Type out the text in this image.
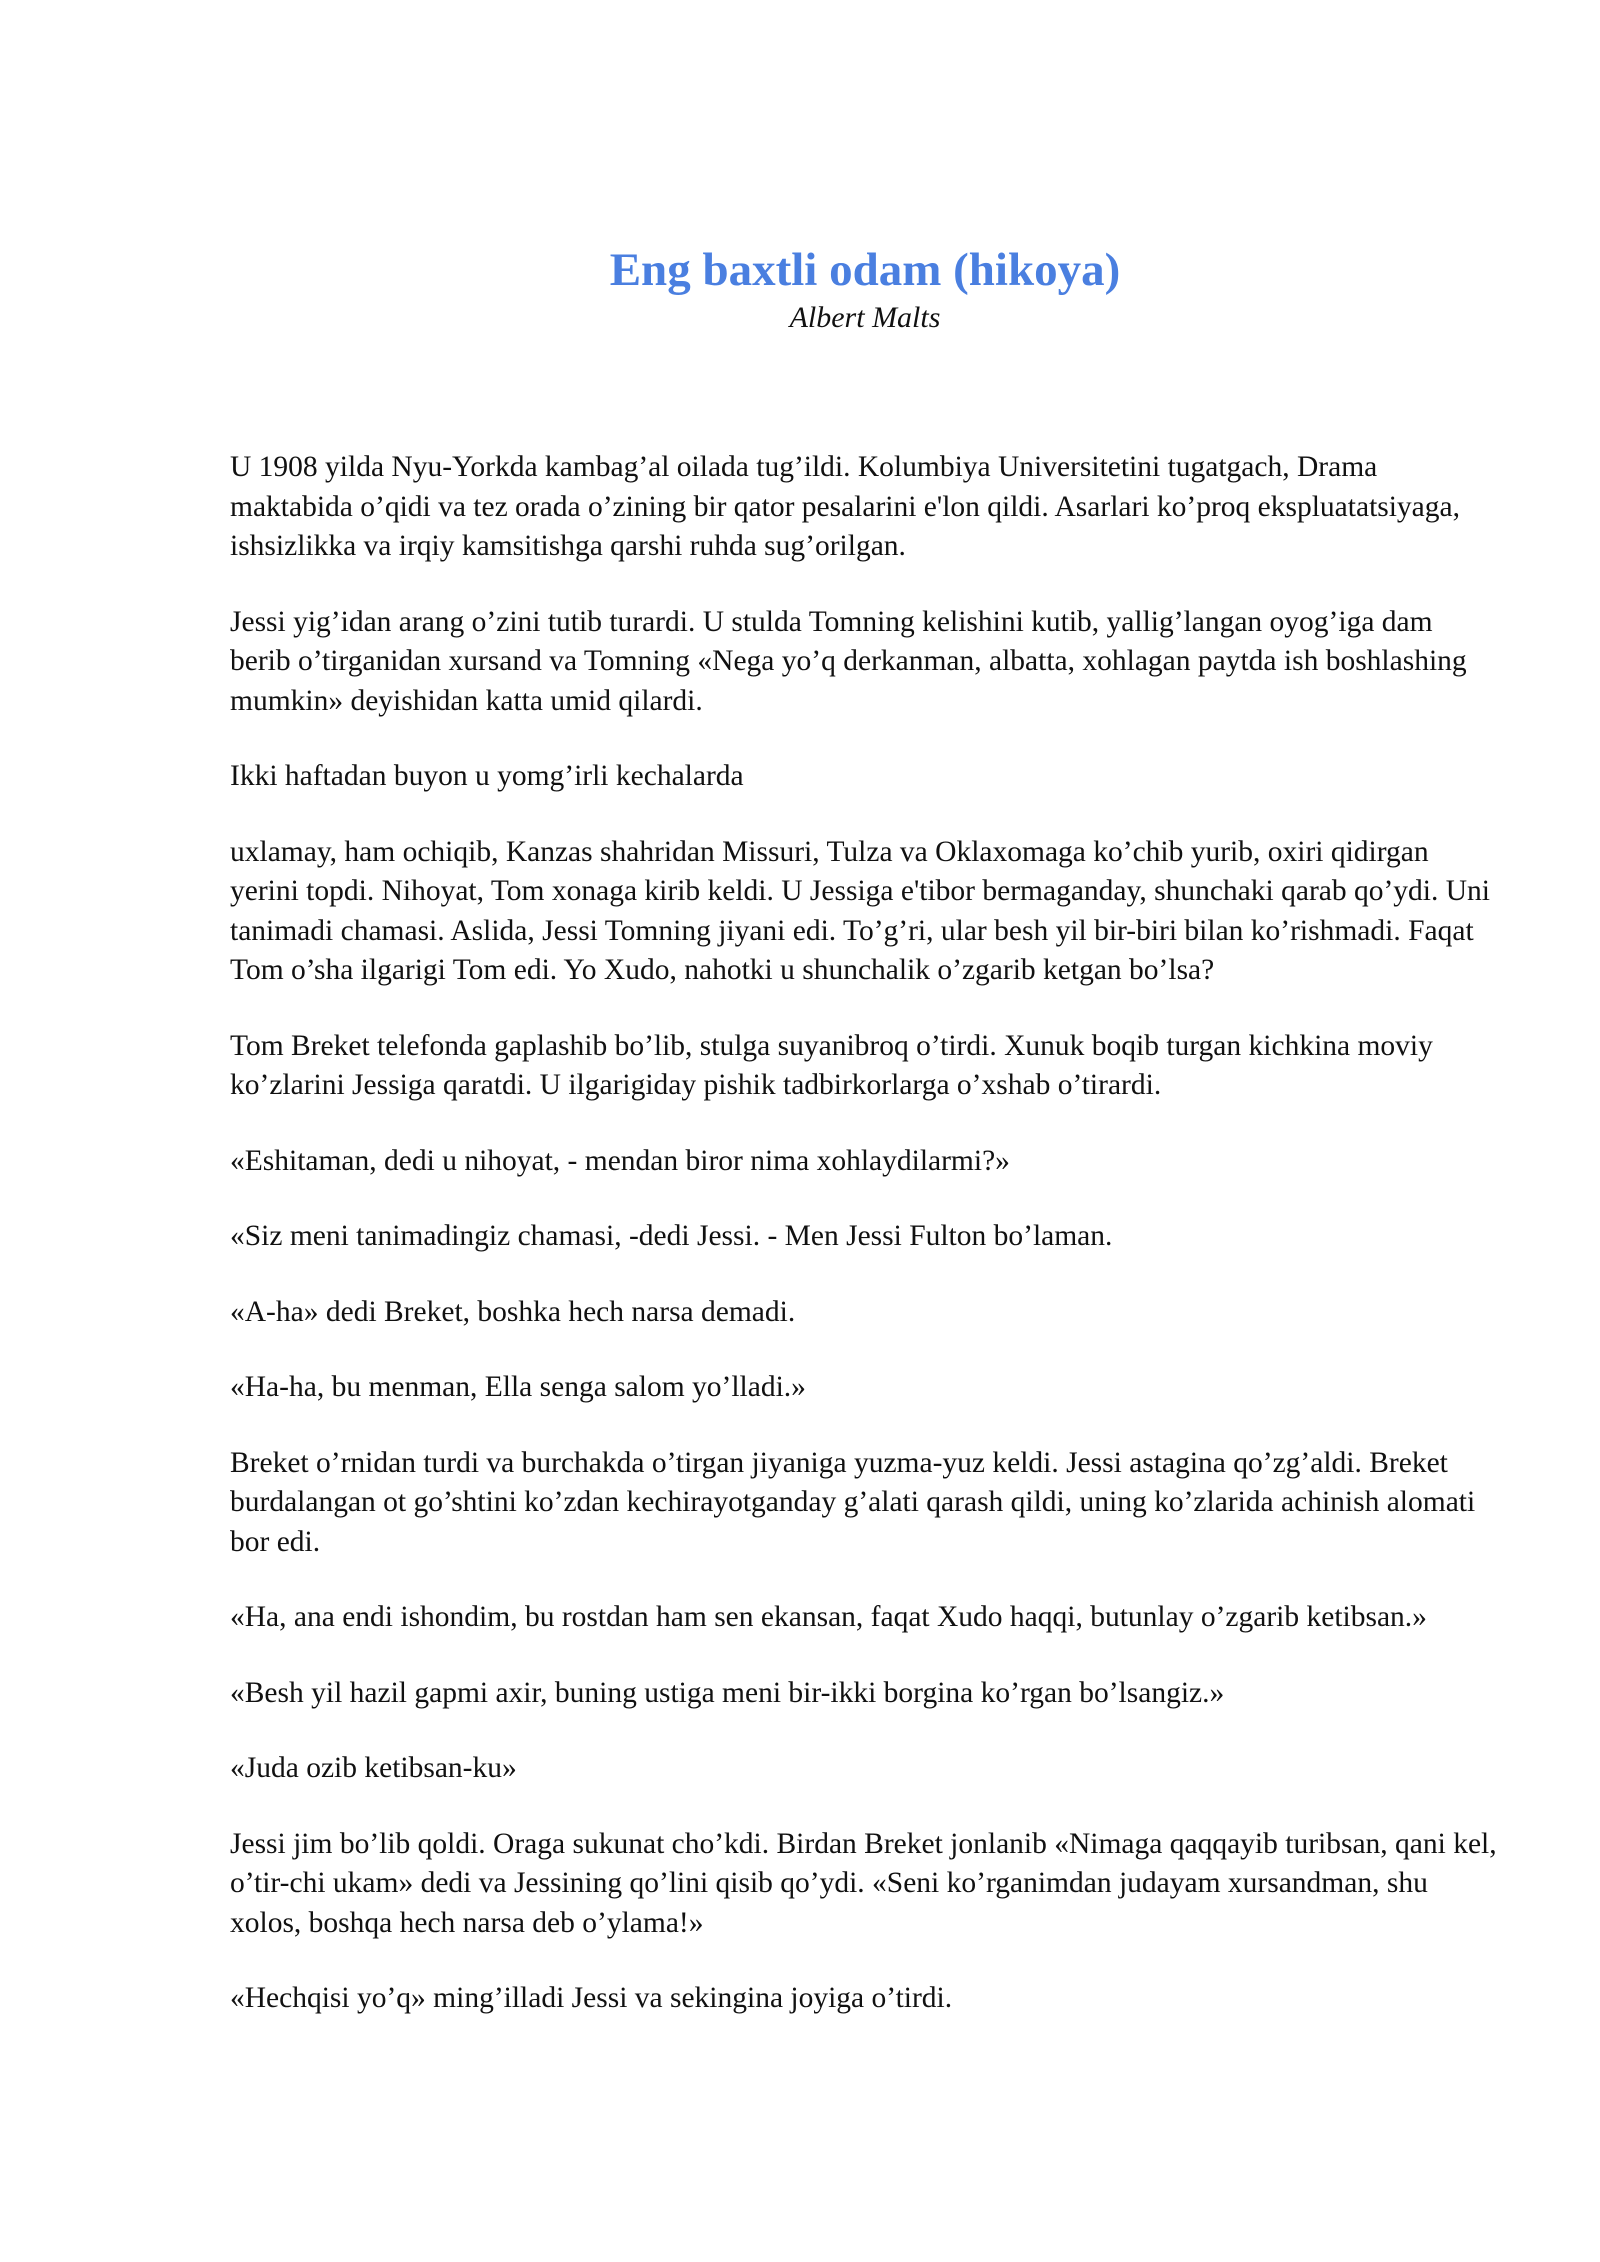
Eng baxtli odam (hikoya)

Albert Malts

U 1908 yilda Nyu-Yorkda kambag’al oilada tug’ildi. Kolumbiya Universitetini tugatgach, Drama maktabida o’qidi va tez orada o’zining bir qator pesalarini e'lon qildi. Asarlari ko’proq ekspluatatsiyaga, ishsizlikka va irqiy kamsitishga qarshi ruhda sug’orilgan.

Jessi yig’idan arang o’zini tutib turardi. U stulda Tomning kelishini kutib, yallig’langan oyog’iga dam berib o’tirganidan xursand va Tomning «Nega yo’q derkanman, albatta, xohlagan paytda ish boshlashing mumkin» deyishidan katta umid qilardi.

Ikki haftadan buyon u yomg’irli kechalarda

uxlamay, ham ochiqib, Kanzas shahridan Missuri, Tulza va Oklaxomaga ko’chib yurib, oxiri qidirgan yerini topdi. Nihoyat, Tom xonaga kirib keldi. U Jessiga e'tibor bermaganday, shunchaki qarab qo’ydi. Uni tanimadi chamasi. Aslida, Jessi Tomning jiyani edi. To’g’ri, ular besh yil bir-biri bilan ko’rishmadi. Faqat Tom o’sha ilgarigi Tom edi. Yo Xudo, nahotki u shunchalik o’zgarib ketgan bo’lsa?

Tom Breket telefonda gaplashib bo’lib, stulga suyanibroq o’tirdi. Xunuk boqib turgan kichkina moviy ko’zlarini Jessiga qaratdi. U ilgarigiday pishik tadbirkorlarga o’xshab o’tirardi.

«Eshitaman, dedi u nihoyat, - mendan biror nima xohlaydilarmi?»

«Siz meni tanimadingiz chamasi, -dedi Jessi. - Men Jessi Fulton bo’laman.

«A-ha» dedi Breket, boshka hech narsa demadi.

«Ha-ha, bu menman, Ella senga salom yo’lladi.»

Breket o’rnidan turdi va burchakda o’tirgan jiyaniga yuzma-yuz keldi. Jessi astagina qo’zg’aldi. Breket burdalangan ot go’shtini ko’zdan kechirayotganday g’alati qarash qildi, uning ko’zlarida achinish alomati bor edi.

«Ha, ana endi ishondim, bu rostdan ham sen ekansan, faqat Xudo haqqi, butunlay o’zgarib ketibsan.»

«Besh yil hazil gapmi axir, buning ustiga meni bir-ikki borgina ko’rgan bo’lsangiz.»

«Juda ozib ketibsan-ku»

Jessi jim bo’lib qoldi. Oraga sukunat cho’kdi. Birdan Breket jonlanib «Nimaga qaqqayib turibsan, qani kel, o’tir-chi ukam» dedi va Jessining qo’lini qisib qo’ydi. «Seni ko’rganimdan judayam xursandman, shu xolos, boshqa hech narsa deb o’ylama!»

«Hechqisi yo’q» ming’illadi Jessi va sekingina joyiga o’tirdi.
